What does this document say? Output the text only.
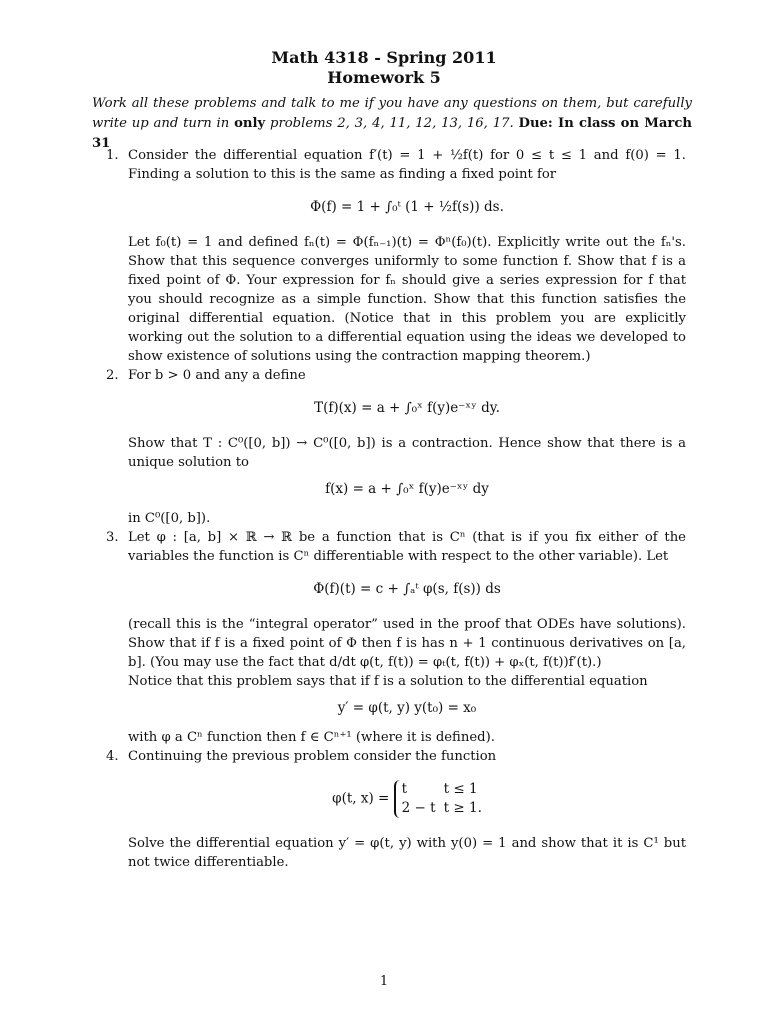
Math 4318 - Spring 2011

Homework 5

Work all these problems and talk to me if you have any questions on them, but carefully write up and turn in only problems 2, 3, 4, 11, 12, 13, 16, 17. Due: In class on March 31
1. Consider the differential equation f′(t) = 1 + ½f(t) for 0 ≤ t ≤ 1 and f(0) = 1. Finding a solution to this is the same as finding a fixed point for

Φ(f) = 1 + ∫₀ᵗ (1 + ½f(s)) ds.

Let f₀(t) = 1 and defined fₙ(t) = Φ(fₙ₋₁)(t) = Φⁿ(f₀)(t). Explicitly write out the fₙ's. Show that this sequence converges uniformly to some function f. Show that f is a fixed point of Φ. Your expression for fₙ should give a series expression for f that you should recognize as a simple function. Show that this function satisfies the original differential equation. (Notice that in this problem you are explicitly working out the solution to a differential equation using the ideas we developed to show existence of solutions using the contraction mapping theorem.)

2. For b > 0 and any a define

T(f)(x) = a + ∫₀ˣ f(y)e⁻ˣʸ dy.

Show that T : C⁰([0, b]) → C⁰([0, b]) is a contraction. Hence show that there is a unique solution to

f(x) = a + ∫₀ˣ f(y)e⁻ˣʸ dy

in C⁰([0, b]).

3. Let φ : [a, b] × ℝ → ℝ be a function that is Cⁿ (that is if you fix either of the variables the function is Cⁿ differentiable with respect to the other variable). Let

Φ(f)(t) = c + ∫ₐᵗ φ(s, f(s)) ds

(recall this is the “integral operator” used in the proof that ODEs have solutions). Show that if f is a fixed point of Φ then f is has n + 1 continuous derivatives on [a, b]. (You may use the fact that d/dt φ(t, f(t)) = φₜ(t, f(t)) + φₓ(t, f(t))f′(t).)

Notice that this problem says that if f is a solution to the differential equation

y′ = φ(t, y) y(t₀) = x₀

with φ a Cⁿ function then f ∈ Cⁿ⁺¹ (where it is defined).

4. Continuing the previous problem consider the function

φ(t, x) = t	t ≤ 1
2 − t t ≥ 1.

Solve the differential equation y′ = φ(t, y) with y(0) = 1 and show that it is C¹ but not twice differentiable.

1
